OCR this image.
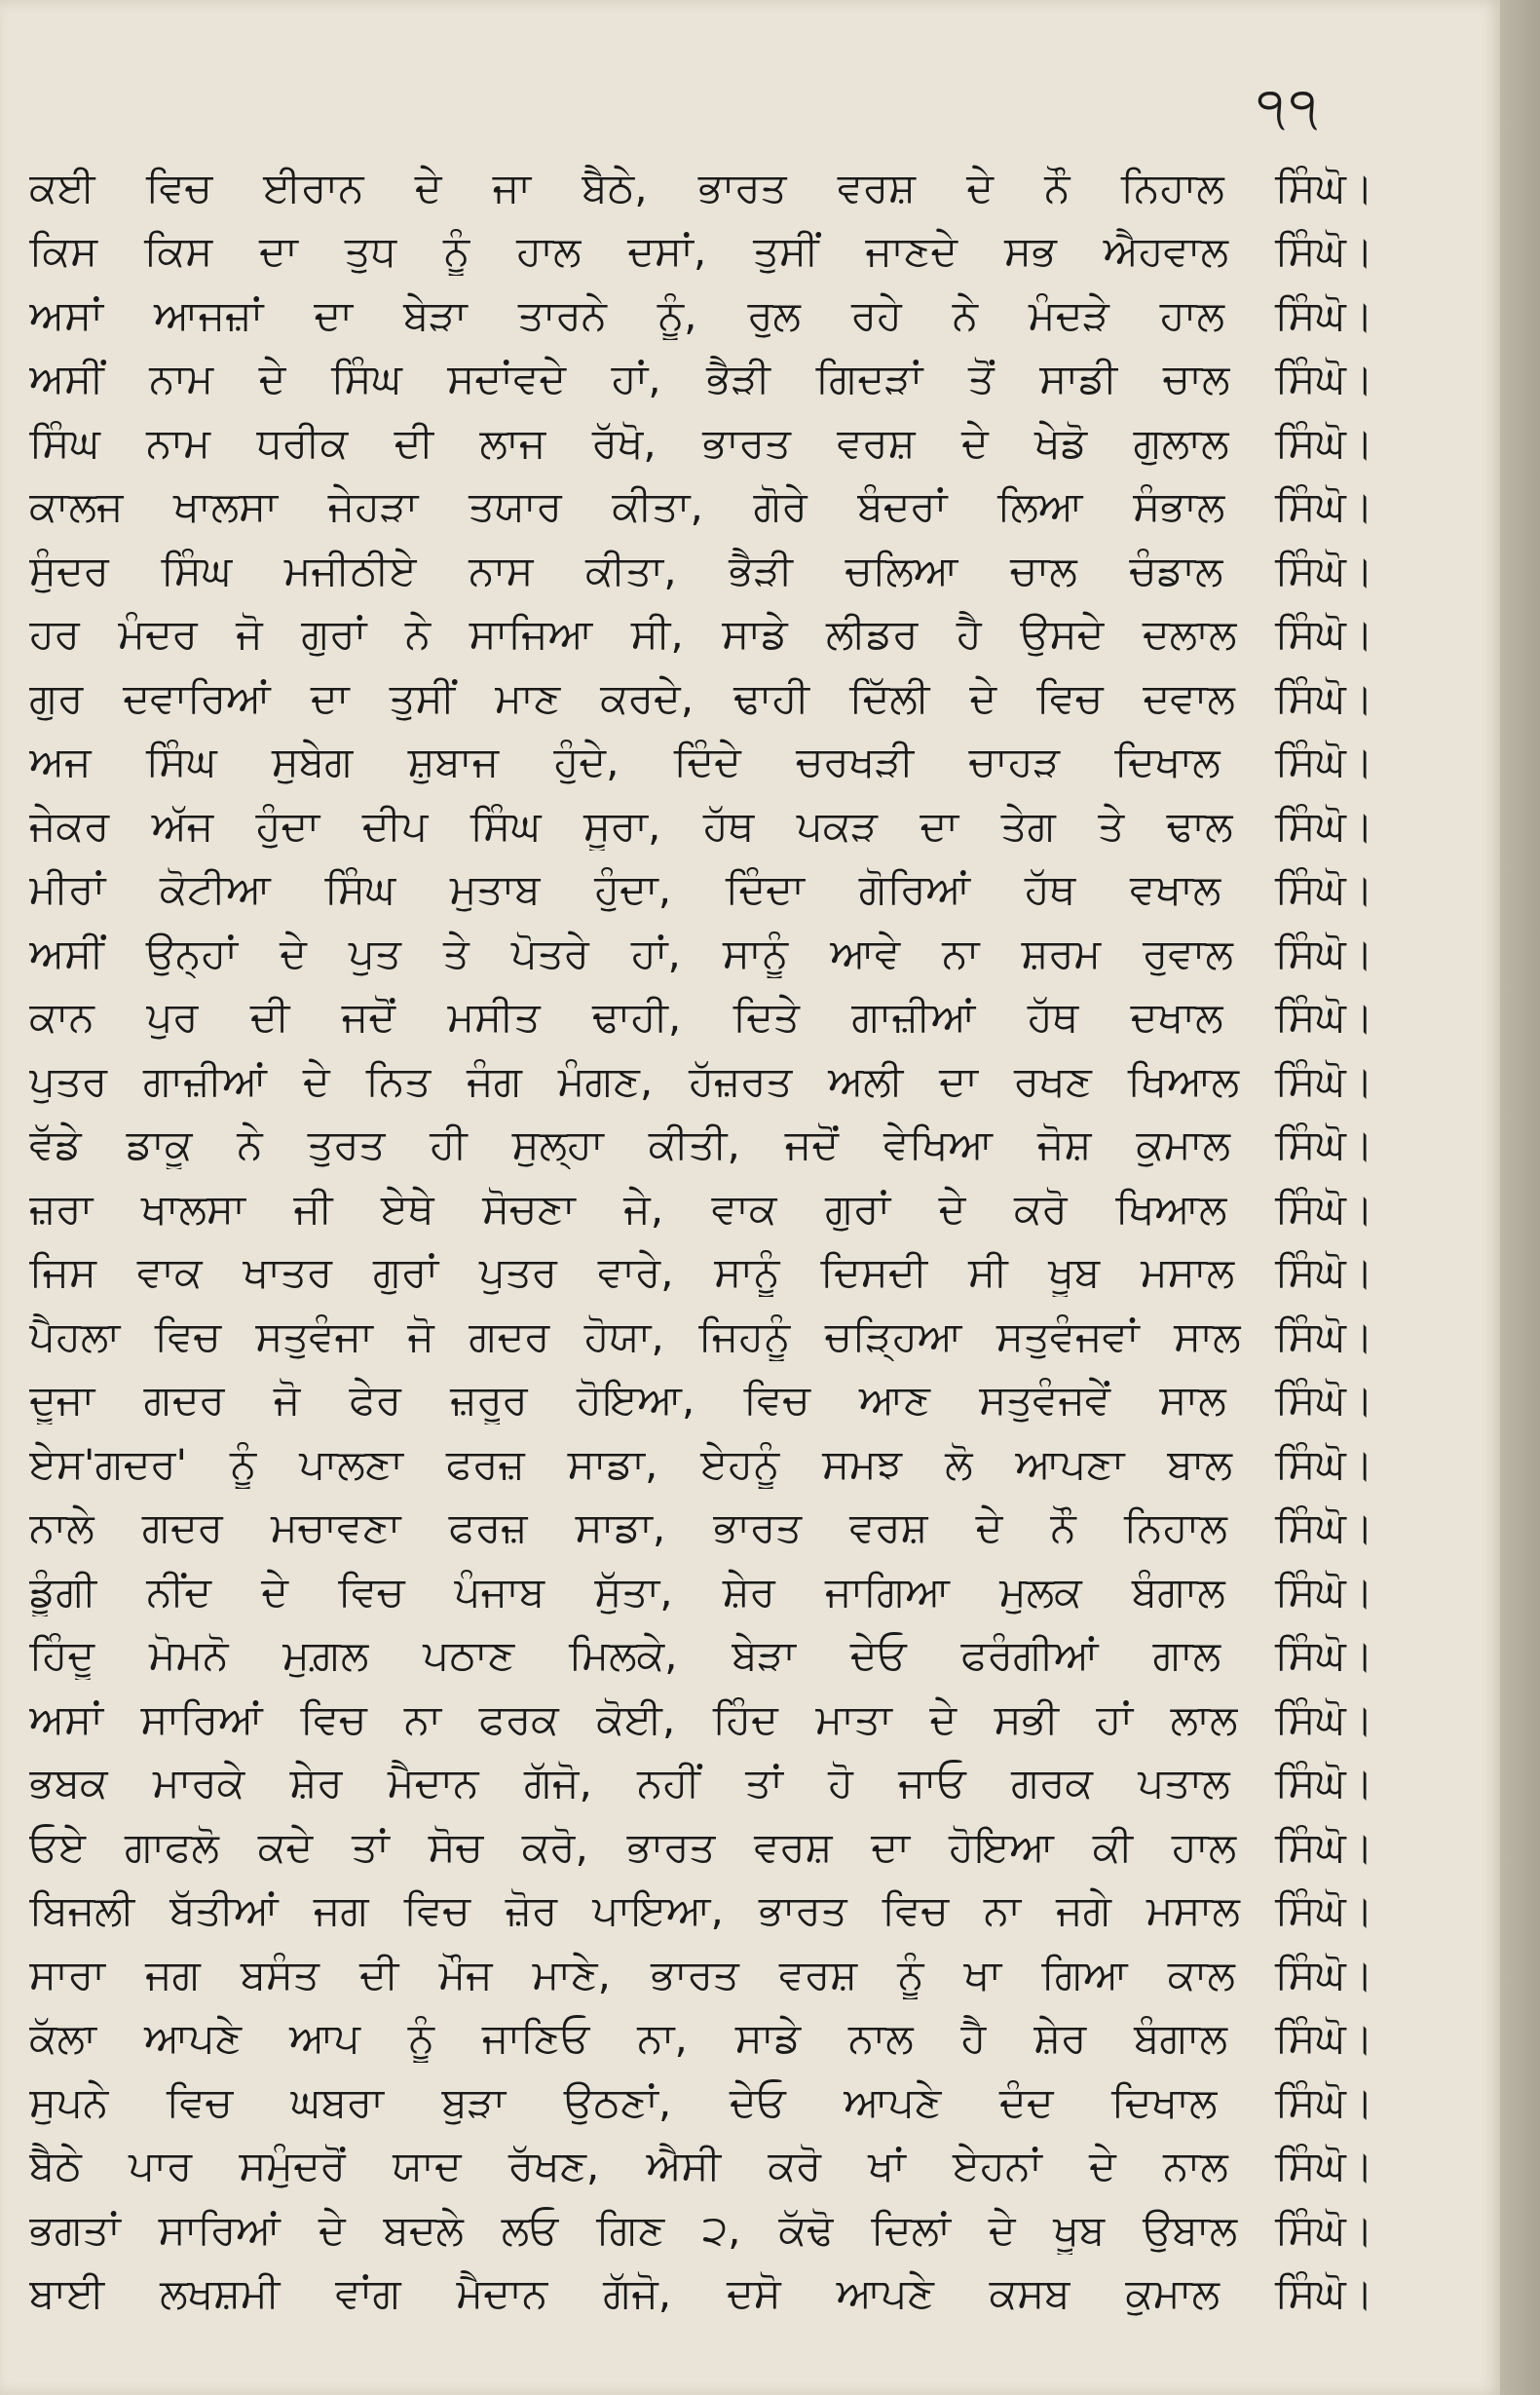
੧੧
ਕਈ ਵਿਚ ਈਰਾਨ ਦੇ ਜਾ ਬੈਠੇ, ਭਾਰਤ ਵਰਸ਼ ਦੇ ਨੌ ਨਿਹਾਲ ਸਿੰਘੋ।
ਕਿਸ ਕਿਸ ਦਾ ਤੁਧ ਨੂੰ ਹਾਲ ਦਸਾਂ, ਤੁਸੀਂ ਜਾਣਦੇ ਸਭ ਐਹਵਾਲ ਸਿੰਘੋ।
ਅਸਾਂ ਆਜਜ਼ਾਂ ਦਾ ਬੇੜਾ ਤਾਰਨੇ ਨੂੰ, ਰੁਲ ਰਹੇ ਨੇ ਮੰਦੜੇ ਹਾਲ ਸਿੰਘੋ।
ਅਸੀਂ ਨਾਮ ਦੇ ਸਿੰਘ ਸਦਾਂਵਦੇ ਹਾਂ, ਭੈੜੀ ਗਿਦੜਾਂ ਤੋਂ ਸਾਡੀ ਚਾਲ ਸਿੰਘੋ।
ਸਿੰਘ ਨਾਮ ਧਰੀਕ ਦੀ ਲਾਜ ਰੱਖੋ, ਭਾਰਤ ਵਰਸ਼ ਦੇ ਖੇਡੋ ਗੁਲਾਲ ਸਿੰਘੋ।
ਕਾਲਜ ਖਾਲਸਾ ਜੇਹੜਾ ਤਯਾਰ ਕੀਤਾ, ਗੋਰੇ ਬੰਦਰਾਂ ਲਿਆ ਸੰਭਾਲ ਸਿੰਘੋ।
ਸੁੰਦਰ ਸਿੰਘ ਮਜੀਠੀਏ ਨਾਸ ਕੀਤਾ, ਭੈੜੀ ਚਲਿਆ ਚਾਲ ਚੰਡਾਲ ਸਿੰਘੋ।
ਹਰ ਮੰਦਰ ਜੋ ਗੁਰਾਂ ਨੇ ਸਾਜਿਆ ਸੀ, ਸਾਡੇ ਲੀਡਰ ਹੈ ਉਸਦੇ ਦਲਾਲ ਸਿੰਘੋ।
ਗੁਰ ਦਵਾਰਿਆਂ ਦਾ ਤੁਸੀਂ ਮਾਣ ਕਰਦੇ, ਢਾਹੀ ਦਿੱਲੀ ਦੇ ਵਿਚ ਦਵਾਲ ਸਿੰਘੋ।
ਅਜ ਸਿੰਘ ਸੁਬੇਗ ਸ਼ੁਬਾਜ ਹੁੰਦੇ, ਦਿੰਦੇ ਚਰਖੜੀ ਚਾਹੜ ਦਿਖਾਲ ਸਿੰਘੋ।
ਜੇਕਰ ਅੱਜ ਹੁੰਦਾ ਦੀਪ ਸਿੰਘ ਸੂਰਾ, ਹੱਥ ਪਕੜ ਦਾ ਤੇਗ ਤੇ ਢਾਲ ਸਿੰਘੋ।
ਮੀਰਾਂ ਕੋਟੀਆ ਸਿੰਘ ਮੁਤਾਬ ਹੁੰਦਾ, ਦਿੰਦਾ ਗੋਰਿਆਂ ਹੱਥ ਵਖਾਲ ਸਿੰਘੋ।
ਅਸੀਂ ਉਨ੍ਹਾਂ ਦੇ ਪੁਤ ਤੇ ਪੋਤਰੇ ਹਾਂ, ਸਾਨੂੰ ਆਵੇ ਨਾ ਸ਼ਰਮ ਰੁਵਾਲ ਸਿੰਘੋ।
ਕਾਨ ਪੁਰ ਦੀ ਜਦੋਂ ਮਸੀਤ ਢਾਹੀ, ਦਿਤੇ ਗਾਜ਼ੀਆਂ ਹੱਥ ਦਖਾਲ ਸਿੰਘੋ।
ਪੁਤਰ ਗਾਜ਼ੀਆਂ ਦੇ ਨਿਤ ਜੰਗ ਮੰਗਣ, ਹੱਜ਼ਰਤ ਅਲੀ ਦਾ ਰਖਣ ਖਿਆਲ ਸਿੰਘੋ।
ਵੱਡੇ ਡਾਕੂ ਨੇ ਤੁਰਤ ਹੀ ਸੁਲ੍ਹਾ ਕੀਤੀ, ਜਦੋਂ ਵੇਖਿਆ ਜੋਸ਼ ਕੁਮਾਲ ਸਿੰਘੋ।
ਜ਼ਰਾ ਖਾਲਸਾ ਜੀ ਏਥੇ ਸੋਚਣਾ ਜੇ, ਵਾਕ ਗੁਰਾਂ ਦੇ ਕਰੋ ਖਿਆਲ ਸਿੰਘੋ।
ਜਿਸ ਵਾਕ ਖਾਤਰ ਗੁਰਾਂ ਪੁਤਰ ਵਾਰੇ, ਸਾਨੂੰ ਦਿਸਦੀ ਸੀ ਖੂਬ ਮਸਾਲ ਸਿੰਘੋ।
ਪੈਹਲਾ ਵਿਚ ਸਤੁਵੰਜਾ ਜੋ ਗਦਰ ਹੋਯਾ, ਜਿਹਨੂੰ ਚੜ੍ਹਿਆ ਸਤੁਵੰਜਵਾਂ ਸਾਲ ਸਿੰਘੋ।
ਦੂਜਾ ਗਦਰ ਜੋ ਫੇਰ ਜ਼ਰੂਰ ਹੋਇਆ, ਵਿਚ ਆਣ ਸਤੁਵੰਜਵੇਂ ਸਾਲ ਸਿੰਘੋ।
ਏਸ'ਗਦਰ' ਨੂੰ ਪਾਲਣਾ ਫਰਜ਼ ਸਾਡਾ, ਏਹਨੂੰ ਸਮਝ ਲੋ ਆਪਣਾ ਬਾਲ ਸਿੰਘੋ।
ਨਾਲੇ ਗਦਰ ਮਚਾਵਣਾ ਫਰਜ਼ ਸਾਡਾ, ਭਾਰਤ ਵਰਸ਼ ਦੇ ਨੌ ਨਿਹਾਲ ਸਿੰਘੋ।
ਡੂੰਗੀ ਨੀਂਦ ਦੇ ਵਿਚ ਪੰਜਾਬ ਸੁੱਤਾ, ਸ਼ੇਰ ਜਾਗਿਆ ਮੁਲਕ ਬੰਗਾਲ ਸਿੰਘੋ।
ਹਿੰਦੂ ਮੋਮਨੋ ਮੁਗ਼ਲ ਪਠਾਣ ਮਿਲਕੇ, ਬੇੜਾ ਦੇਓ ਫਰੰਗੀਆਂ ਗਾਲ ਸਿੰਘੋ।
ਅਸਾਂ ਸਾਰਿਆਂ ਵਿਚ ਨਾ ਫਰਕ ਕੋਈ, ਹਿੰਦ ਮਾਤਾ ਦੇ ਸਭੀ ਹਾਂ ਲਾਲ ਸਿੰਘੋ।
ਭਬਕ ਮਾਰਕੇ ਸ਼ੇਰ ਮੈਦਾਨ ਗੱਜੋ, ਨਹੀਂ ਤਾਂ ਹੋ ਜਾਓ ਗਰਕ ਪਤਾਲ ਸਿੰਘੋ।
ਓਏ ਗਾਫਲੋ ਕਦੇ ਤਾਂ ਸੋਚ ਕਰੋ, ਭਾਰਤ ਵਰਸ਼ ਦਾ ਹੋਇਆ ਕੀ ਹਾਲ ਸਿੰਘੋ।
ਬਿਜਲੀ ਬੱਤੀਆਂ ਜਗ ਵਿਚ ਜ਼ੋਰ ਪਾਇਆ, ਭਾਰਤ ਵਿਚ ਨਾ ਜਗੇ ਮਸਾਲ ਸਿੰਘੋ।
ਸਾਰਾ ਜਗ ਬਸੰਤ ਦੀ ਮੌਜ ਮਾਣੇ, ਭਾਰਤ ਵਰਸ਼ ਨੂੰ ਖਾ ਗਿਆ ਕਾਲ ਸਿੰਘੋ।
ਕੱਲਾ ਆਪਣੇ ਆਪ ਨੂੰ ਜਾਣਿਓ ਨਾ, ਸਾਡੇ ਨਾਲ ਹੈ ਸ਼ੇਰ ਬੰਗਾਲ ਸਿੰਘੋ।
ਸੁਪਨੇ ਵਿਚ ਘਬਰਾ ਬੁੜਾ ਉਠਣਾਂ, ਦੇਓ ਆਪਣੇ ਦੰਦ ਦਿਖਾਲ ਸਿੰਘੋ।
ਬੈਠੇ ਪਾਰ ਸਮੁੰਦਰੋਂ ਯਾਦ ਰੱਖਣ, ਐਸੀ ਕਰੋ ਖਾਂ ਏਹਨਾਂ ਦੇ ਨਾਲ ਸਿੰਘੋ।
ਭਗਤਾਂ ਸਾਰਿਆਂ ਦੇ ਬਦਲੇ ਲਓ ਗਿਣ ੨, ਕੱਢੋ ਦਿਲਾਂ ਦੇ ਖੂਬ ਉਬਾਲ ਸਿੰਘੋ।
ਬਾਈ ਲਖਸ਼ਮੀ ਵਾਂਗ ਮੈਦਾਨ ਗੱਜੋ, ਦਸੋ ਆਪਣੇ ਕਸਬ ਕੁਮਾਲ ਸਿੰਘੋ।
